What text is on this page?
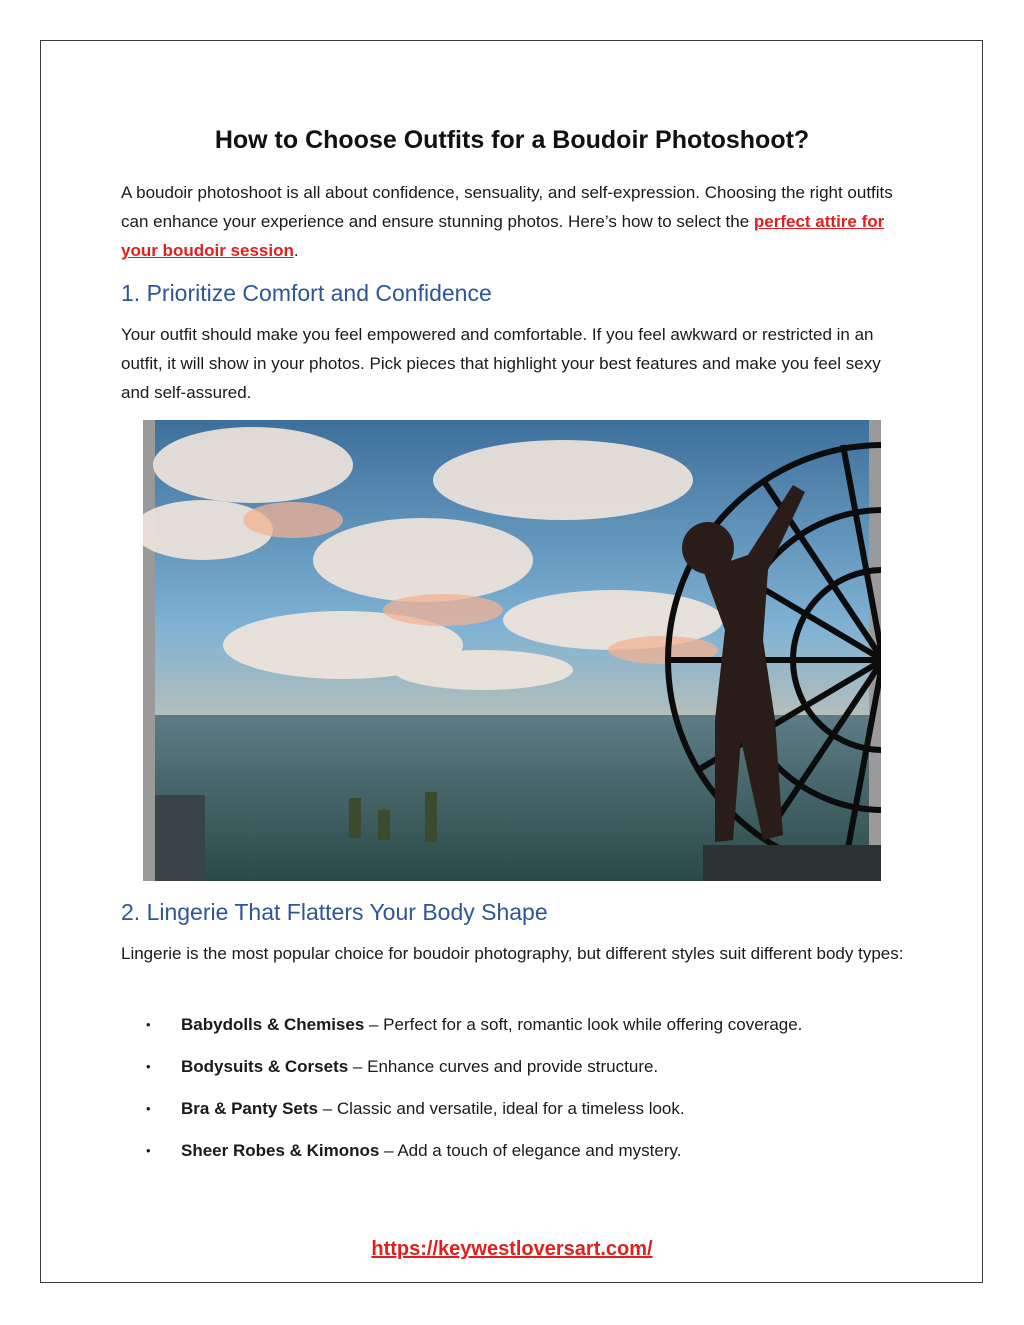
How to Choose Outfits for a Boudoir Photoshoot?

A boudoir photoshoot is all about confidence, sensuality, and self-expression. Choosing the right outfits can enhance your experience and ensure stunning photos. Here’s how to select the perfect attire for your boudoir session.

1. Prioritize Comfort and Confidence

Your outfit should make you feel empowered and comfortable. If you feel awkward or restricted in an outfit, it will show in your photos. Pick pieces that highlight your best features and make you feel sexy and self-assured.

2. Lingerie That Flatters Your Body Shape

Lingerie is the most popular choice for boudoir photography, but different styles suit different body types:

• Babydolls & Chemises – Perfect for a soft, romantic look while offering coverage.
• Bodysuits & Corsets – Enhance curves and provide structure.
• Bra & Panty Sets – Classic and versatile, ideal for a timeless look.
• Sheer Robes & Kimonos – Add a touch of elegance and mystery.
https://keywestloversart.com/
